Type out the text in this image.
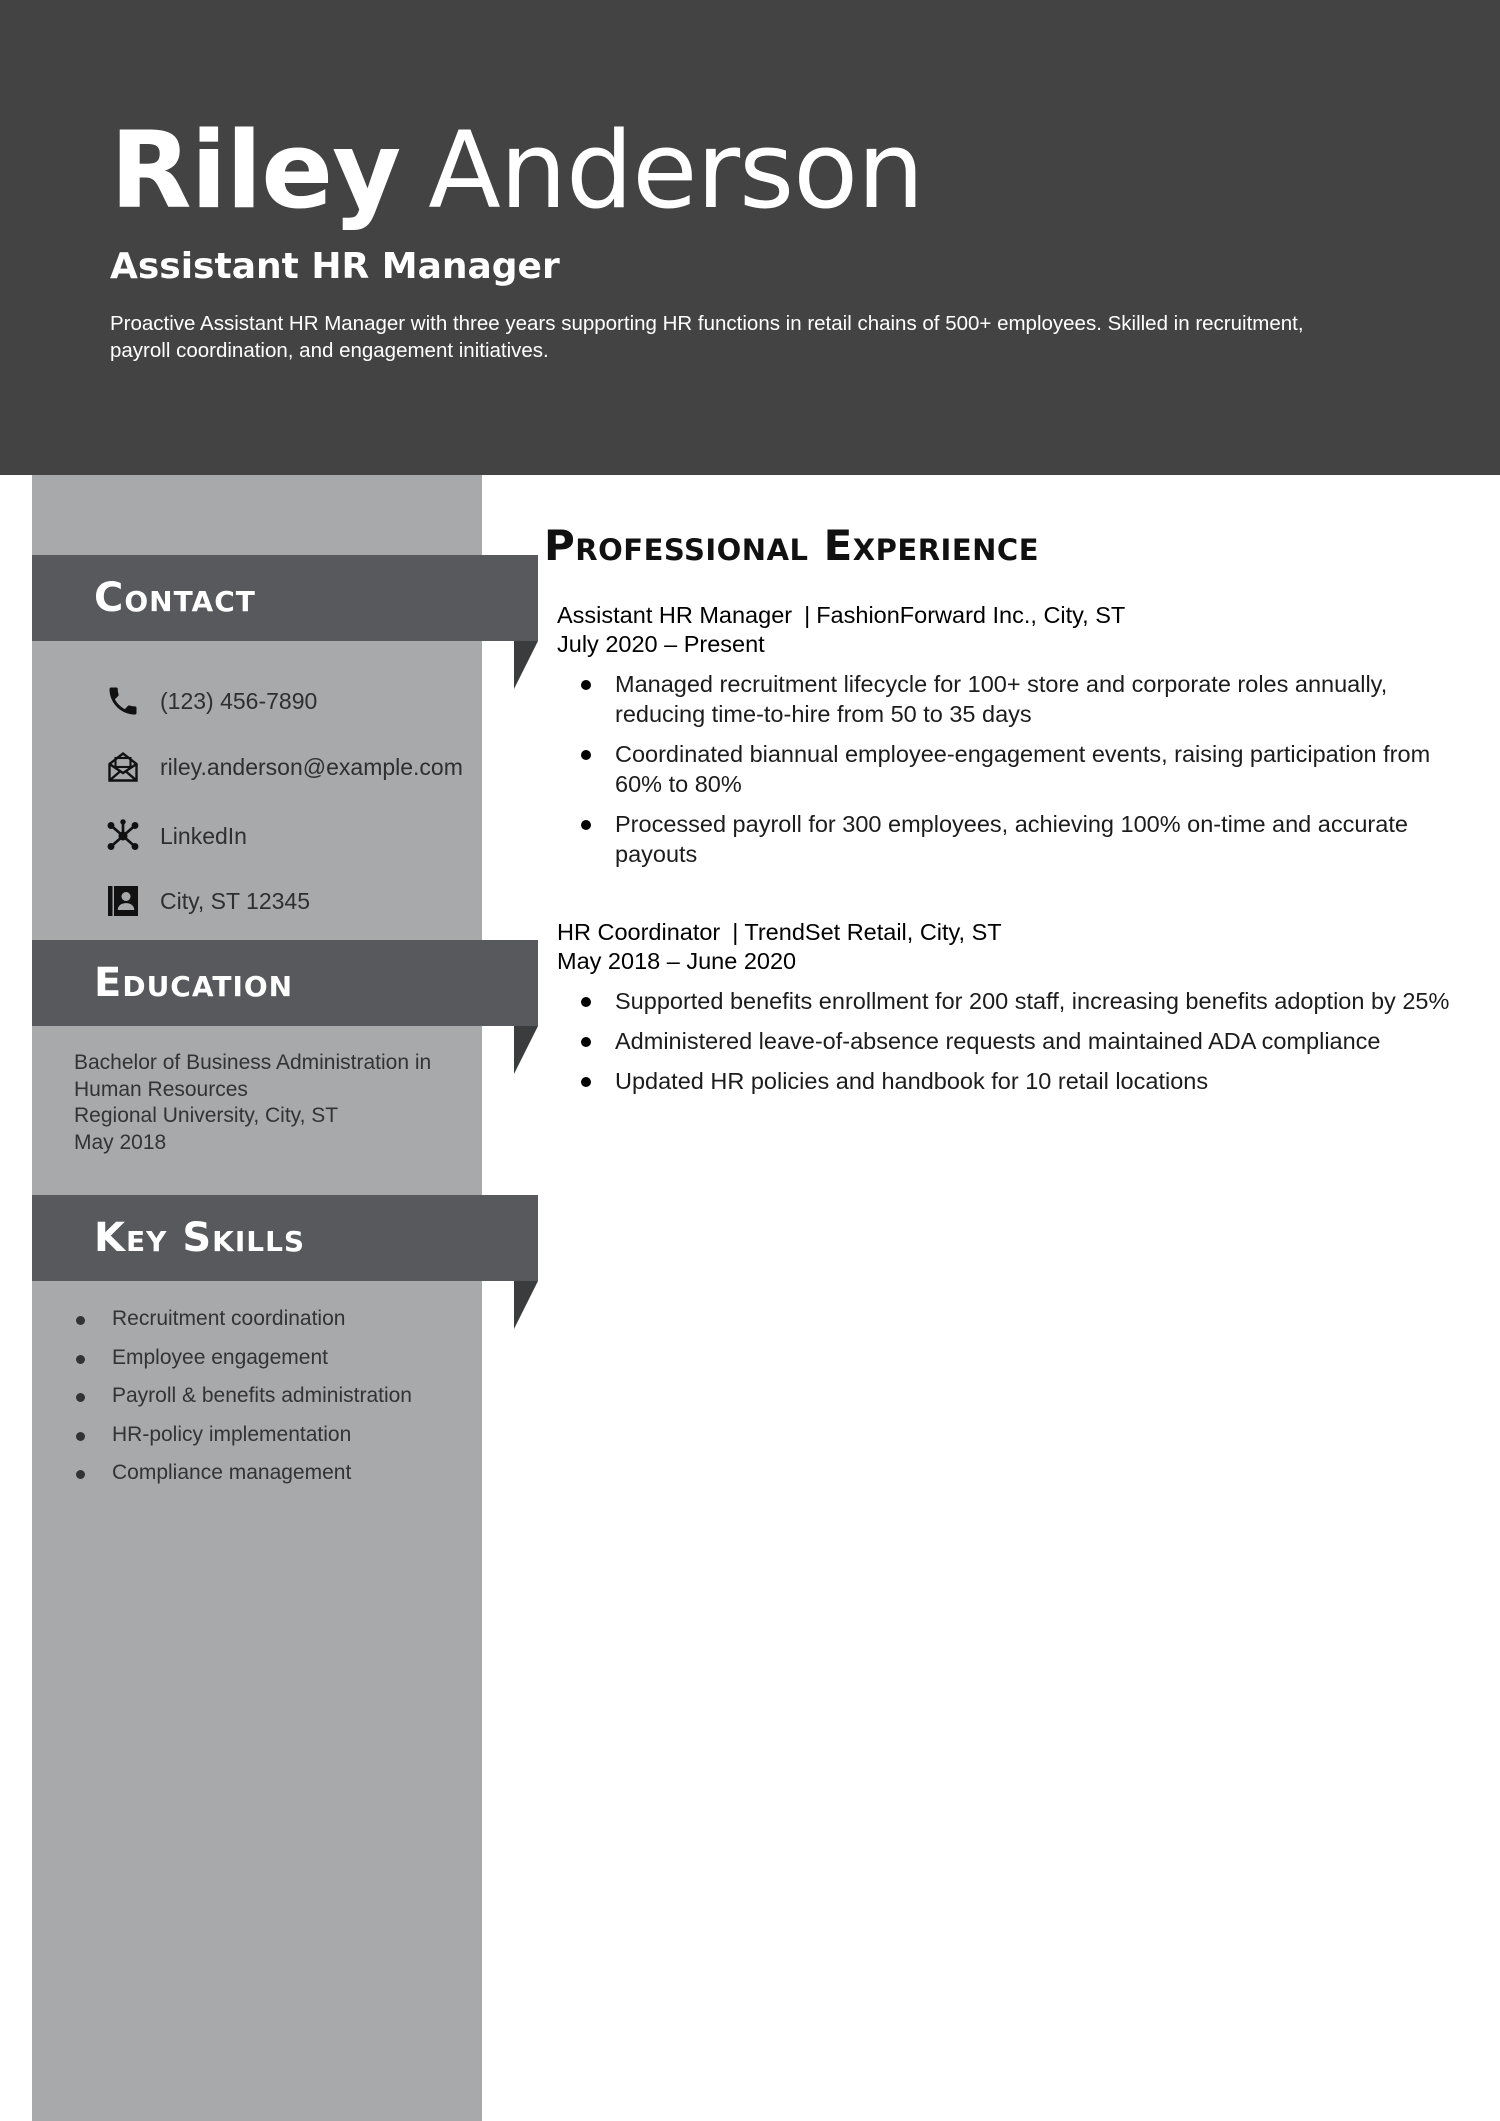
Riley Anderson
Assistant HR Manager

Proactive Assistant HR Manager with three years supporting HR functions in retail chains of 500+ employees. Skilled in recruitment, payroll coordination, and engagement initiatives.

Contact
(123) 456-7890
riley.anderson@example.com
LinkedIn
City, ST 12345
Education
Bachelor of Business Administration in
Human Resources
Regional University, City, ST
May 2018
Key Skills
Recruitment coordination
Employee engagement
Payroll & benefits administration
HR-policy implementation
Compliance management
Professional Experience
Assistant HR Manager | FashionForward Inc., City, ST
July 2020 – Present
Managed recruitment lifecycle for 100+ store and corporate roles annually, reducing time-to-hire from 50 to 35 days
Coordinated biannual employee-engagement events, raising participation from 60% to 80%
Processed payroll for 300 employees, achieving 100% on-time and accurate payouts
HR Coordinator | TrendSet Retail, City, ST
May 2018 – June 2020
Supported benefits enrollment for 200 staff, increasing benefits adoption by 25%
Administered leave-of-absence requests and maintained ADA compliance
Updated HR policies and handbook for 10 retail locations
